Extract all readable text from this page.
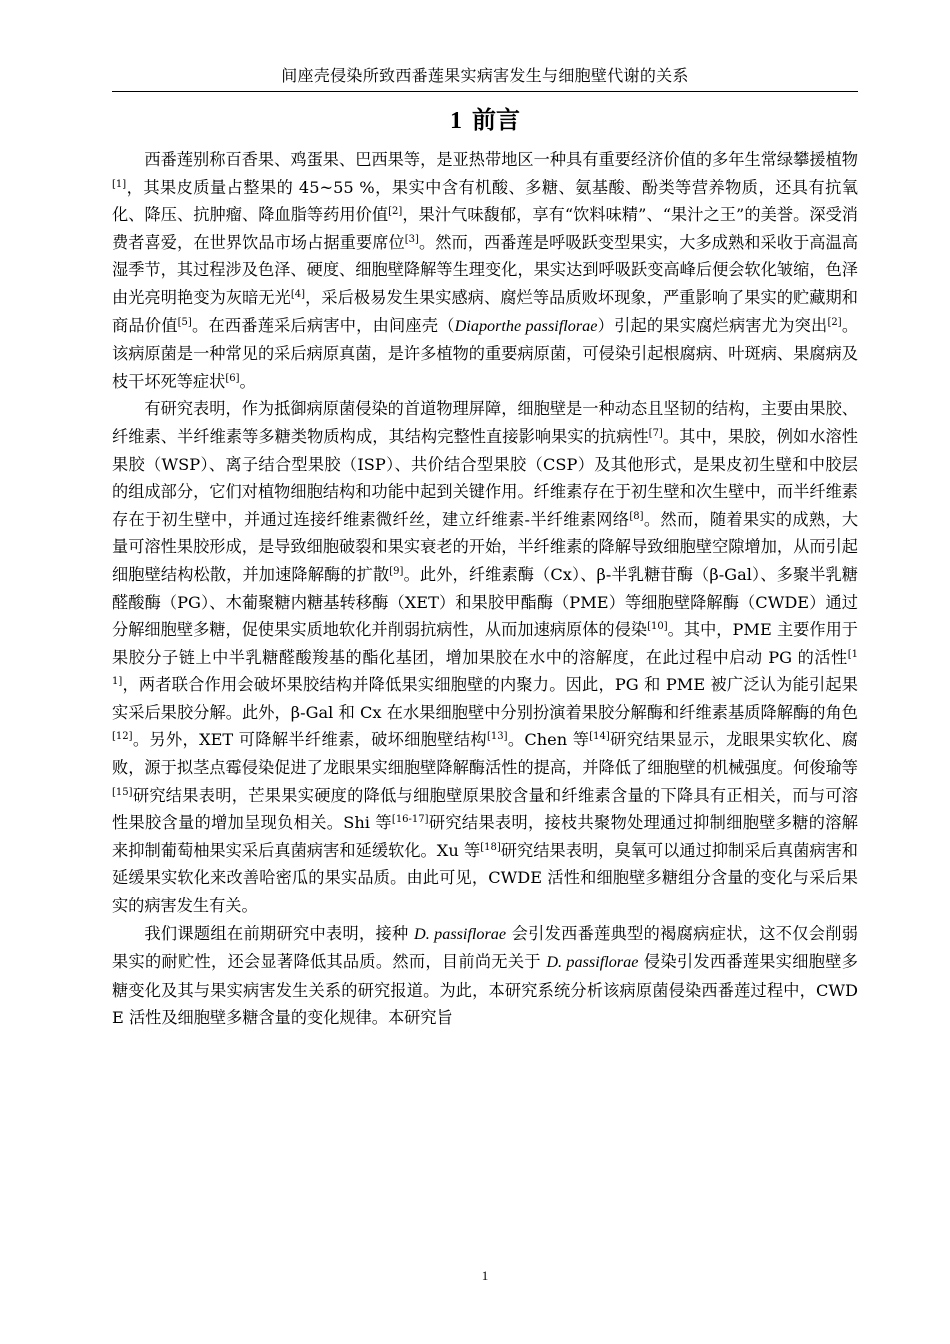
间座壳侵染所致西番莲果实病害发生与细胞壁代谢的关系
1 前言

西番莲别称百香果、鸡蛋果、巴西果等，是亚热带地区一种具有重要经济价值的多年生常绿攀援植物[1]，其果皮质量占整果的 45~55 %，果实中含有机酸、多糖、氨基酸、酚类等营养物质，还具有抗氧化、降压、抗肿瘤、降血脂等药用价值[2]，果汁气味馥郁，享有“饮料味精”、“果汁之王”的美誉。深受消费者喜爱，在世界饮品市场占据重要席位[3]。然而，西番莲是呼吸跃变型果实，大多成熟和采收于高温高湿季节，其过程涉及色泽、硬度、细胞壁降解等生理变化，果实达到呼吸跃变高峰后便会软化皱缩，色泽由光亮明艳变为灰暗无光[4]，采后极易发生果实感病、腐烂等品质败坏现象，严重影响了果实的贮藏期和商品价值[5]。在西番莲采后病害中，由间座壳（Diaporthe passiflorae）引起的果实腐烂病害尤为突出[2]。该病原菌是一种常见的采后病原真菌，是许多植物的重要病原菌，可侵染引起根腐病、叶斑病、果腐病及枝干坏死等症状[6]。

有研究表明，作为抵御病原菌侵染的首道物理屏障，细胞壁是一种动态且坚韧的结构，主要由果胶、纤维素、半纤维素等多糖类物质构成，其结构完整性直接影响果实的抗病性[7]。其中，果胶，例如水溶性果胶（WSP）、离子结合型果胶（ISP）、共价结合型果胶（CSP）及其他形式，是果皮初生壁和中胶层的组成部分，它们对植物细胞结构和功能中起到关键作用。纤维素存在于初生壁和次生壁中，而半纤维素存在于初生壁中，并通过连接纤维素微纤丝，建立纤维素-半纤维素网络[8]。然而，随着果实的成熟，大量可溶性果胶形成，是导致细胞破裂和果实衰老的开始，半纤维素的降解导致细胞壁空隙增加，从而引起细胞壁结构松散，并加速降解酶的扩散[9]。此外，纤维素酶（Cx）、β-半乳糖苷酶（β-Gal）、多聚半乳糖醛酸酶（PG）、木葡聚糖内糖基转移酶（XET）和果胶甲酯酶（PME）等细胞壁降解酶（CWDE）通过分解细胞壁多糖，促使果实质地软化并削弱抗病性，从而加速病原体的侵染[10]。其中，PME 主要作用于果胶分子链上中半乳糖醛酸羧基的酯化基团，增加果胶在水中的溶解度，在此过程中启动 PG 的活性[11]，两者联合作用会破坏果胶结构并降低果实细胞壁的内聚力。因此，PG 和 PME 被广泛认为能引起果实采后果胶分解。此外，β-Gal 和 Cx 在水果细胞壁中分别扮演着果胶分解酶和纤维素基质降解酶的角色[12]。另外，XET 可降解半纤维素，破坏细胞壁结构[13]。Chen 等[14]研究结果显示，龙眼果实软化、腐败，源于拟茎点霉侵染促进了龙眼果实细胞壁降解酶活性的提高，并降低了细胞壁的机械强度。何俊瑜等[15]研究结果表明，芒果果实硬度的降低与细胞壁原果胶含量和纤维素含量的下降具有正相关，而与可溶性果胶含量的增加呈现负相关。Shi 等[16-17]研究结果表明，接枝共聚物处理通过抑制细胞壁多糖的溶解来抑制葡萄柚果实采后真菌病害和延缓软化。Xu 等[18]研究结果表明，臭氧可以通过抑制采后真菌病害和延缓果实软化来改善哈密瓜的果实品质。由此可见，CWDE 活性和细胞壁多糖组分含量的变化与采后果实的病害发生有关。

我们课题组在前期研究中表明，接种 D. passiflorae 会引发西番莲典型的褐腐病症状，这不仅会削弱果实的耐贮性，还会显著降低其品质。然而，目前尚无关于 D. passiflorae 侵染引发西番莲果实细胞壁多糖变化及其与果实病害发生关系的研究报道。为此，本研究系统分析该病原菌侵染西番莲过程中，CWDE 活性及细胞壁多糖含量的变化规律。本研究旨

1
